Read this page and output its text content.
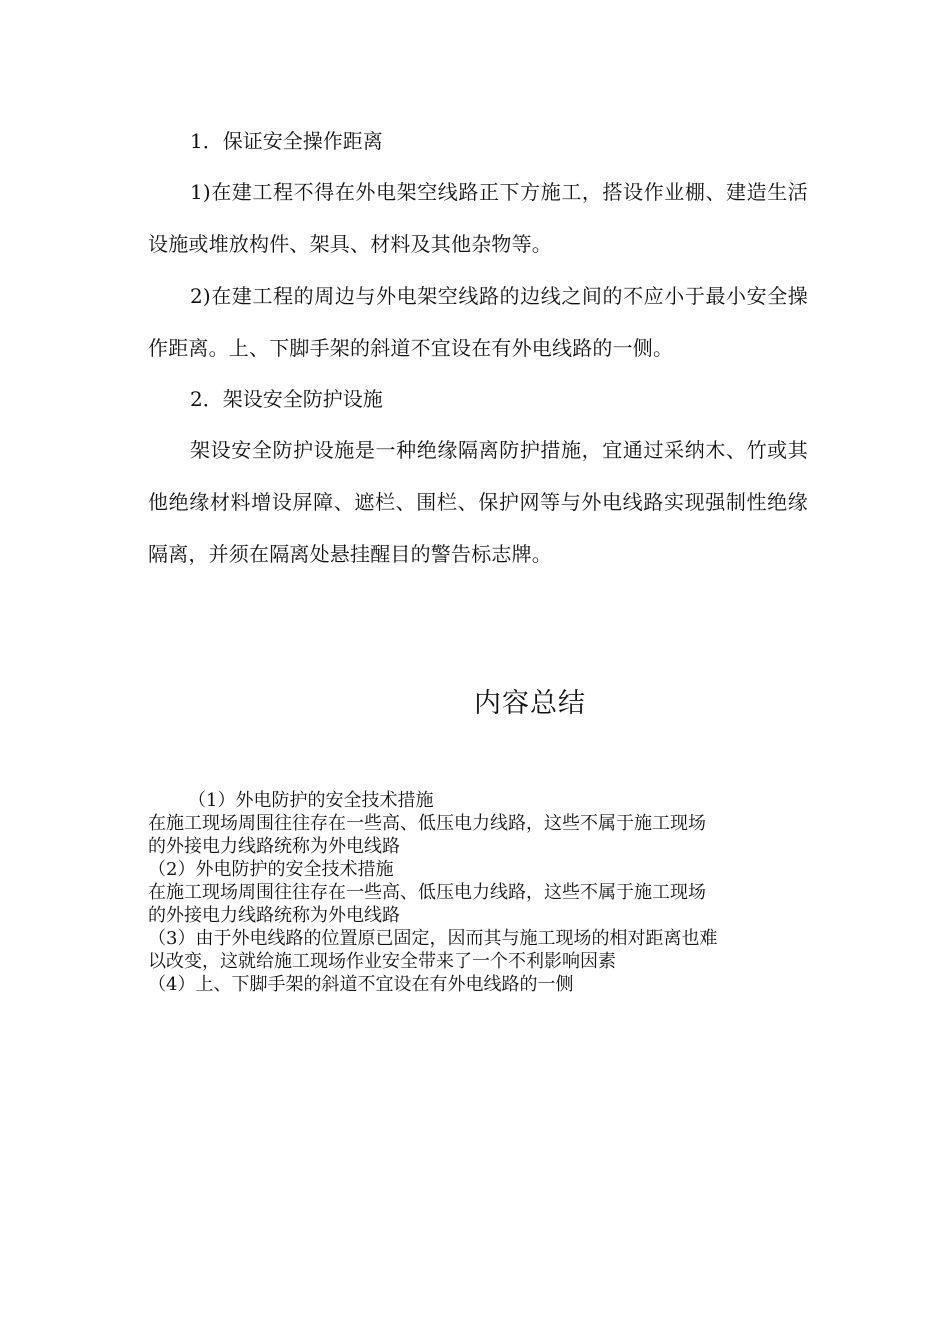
1．保证安全操作距离

1)在建工程不得在外电架空线路正下方施工，搭设作业棚、建造生活设施或堆放构件、架具、材料及其他杂物等。

2)在建工程的周边与外电架空线路的边线之间的不应小于最小安全操作距离。上、下脚手架的斜道不宜设在有外电线路的一侧。

2．架设安全防护设施

架设安全防护设施是一种绝缘隔离防护措施，宜通过采纳木、竹或其他绝缘材料增设屏障、遮栏、围栏、保护网等与外电线路实现强制性绝缘隔离，并须在隔离处悬挂醒目的警告标志牌。

内容总结

（1）外电防护的安全技术措施

在施工现场周围往往存在一些高、低压电力线路，这些不属于施工现场

的外接电力线路统称为外电线路

（2）外电防护的安全技术措施

在施工现场周围往往存在一些高、低压电力线路，这些不属于施工现场

的外接电力线路统称为外电线路

（3）由于外电线路的位置原已固定，因而其与施工现场的相对距离也难

以改变，这就给施工现场作业安全带来了一个不利影响因素

（4）上、下脚手架的斜道不宜设在有外电线路的一侧
